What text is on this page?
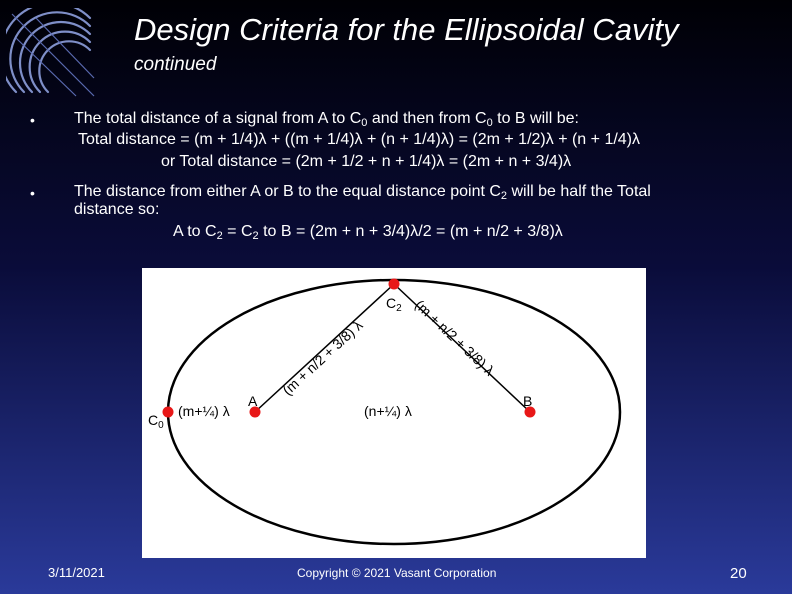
Design Criteria for the Ellipsoidal Cavity
continued
• The total distance of a signal from A to $C_0$ and then from $C_0$ to B will be:
Total distance = (m + 1/4)λ + ((m + 1/4)λ + (n + 1/4)λ) = (2m + 1/2)λ + (n + 1/4)λ
or Total distance = (2m + 1/2 + n + 1/4)λ = (2m + n + 3/4)λ
• The distance from either A or B to the equal distance point $C_2$ will be half the Total
distance so:
A to $C_2 = C_2$ to B = (2m + n + 3/4)λ/2 = (m + n/2 + 3/8)λ
$C_2$
$C_0$
A	B
(m+¼) λ	(n+¼) λ
(m + n/2 + 3/8) λ	(m + n/2 + 3/8) λ
3/11/2021	Copyright © 2021 Vasant Corporation	20
